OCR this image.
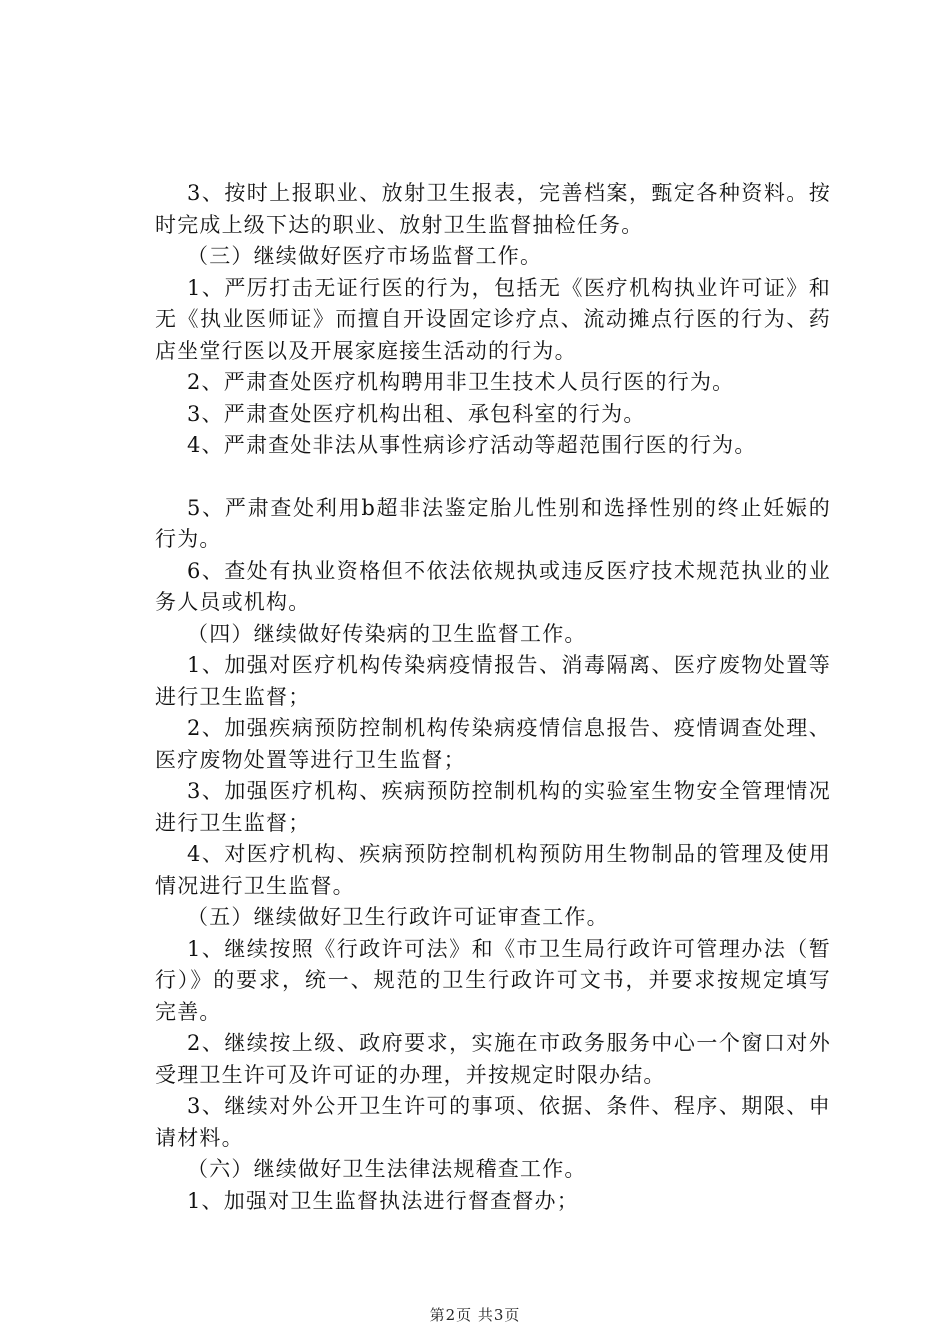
3、按时上报职业、放射卫生报表，完善档案，甄定各种资料。按时完成上级下达的职业、放射卫生监督抽检任务。

（三）继续做好医疗市场监督工作。

1、严厉打击无证行医的行为，包括无《医疗机构执业许可证》和无《执业医师证》而擅自开设固定诊疗点、流动摊点行医的行为、药店坐堂行医以及开展家庭接生活动的行为。

2、严肃查处医疗机构聘用非卫生技术人员行医的行为。

3、严肃查处医疗机构出租、承包科室的行为。

4、严肃查处非法从事性病诊疗活动等超范围行医的行为。

5、严肃查处利用b超非法鉴定胎儿性别和选择性别的终止妊娠的行为。

6、查处有执业资格但不依法依规执或违反医疗技术规范执业的业务人员或机构。

（四）继续做好传染病的卫生监督工作。

1、加强对医疗机构传染病疫情报告、消毒隔离、医疗废物处置等进行卫生监督；

2、加强疾病预防控制机构传染病疫情信息报告、疫情调查处理、医疗废物处置等进行卫生监督；

3、加强医疗机构、疾病预防控制机构的实验室生物安全管理情况进行卫生监督；

4、对医疗机构、疾病预防控制机构预防用生物制品的管理及使用情况进行卫生监督。

（五）继续做好卫生行政许可证审查工作。

1、继续按照《行政许可法》和《市卫生局行政许可管理办法（暂行）》的要求，统一、规范的卫生行政许可文书，并要求按规定填写完善。

2、继续按上级、政府要求，实施在市政务服务中心一个窗口对外受理卫生许可及许可证的办理，并按规定时限办结。

3、继续对外公开卫生许可的事项、依据、条件、程序、期限、申请材料。

（六）继续做好卫生法律法规稽查工作。

1、加强对卫生监督执法进行督查督办；

第2页 共3页
